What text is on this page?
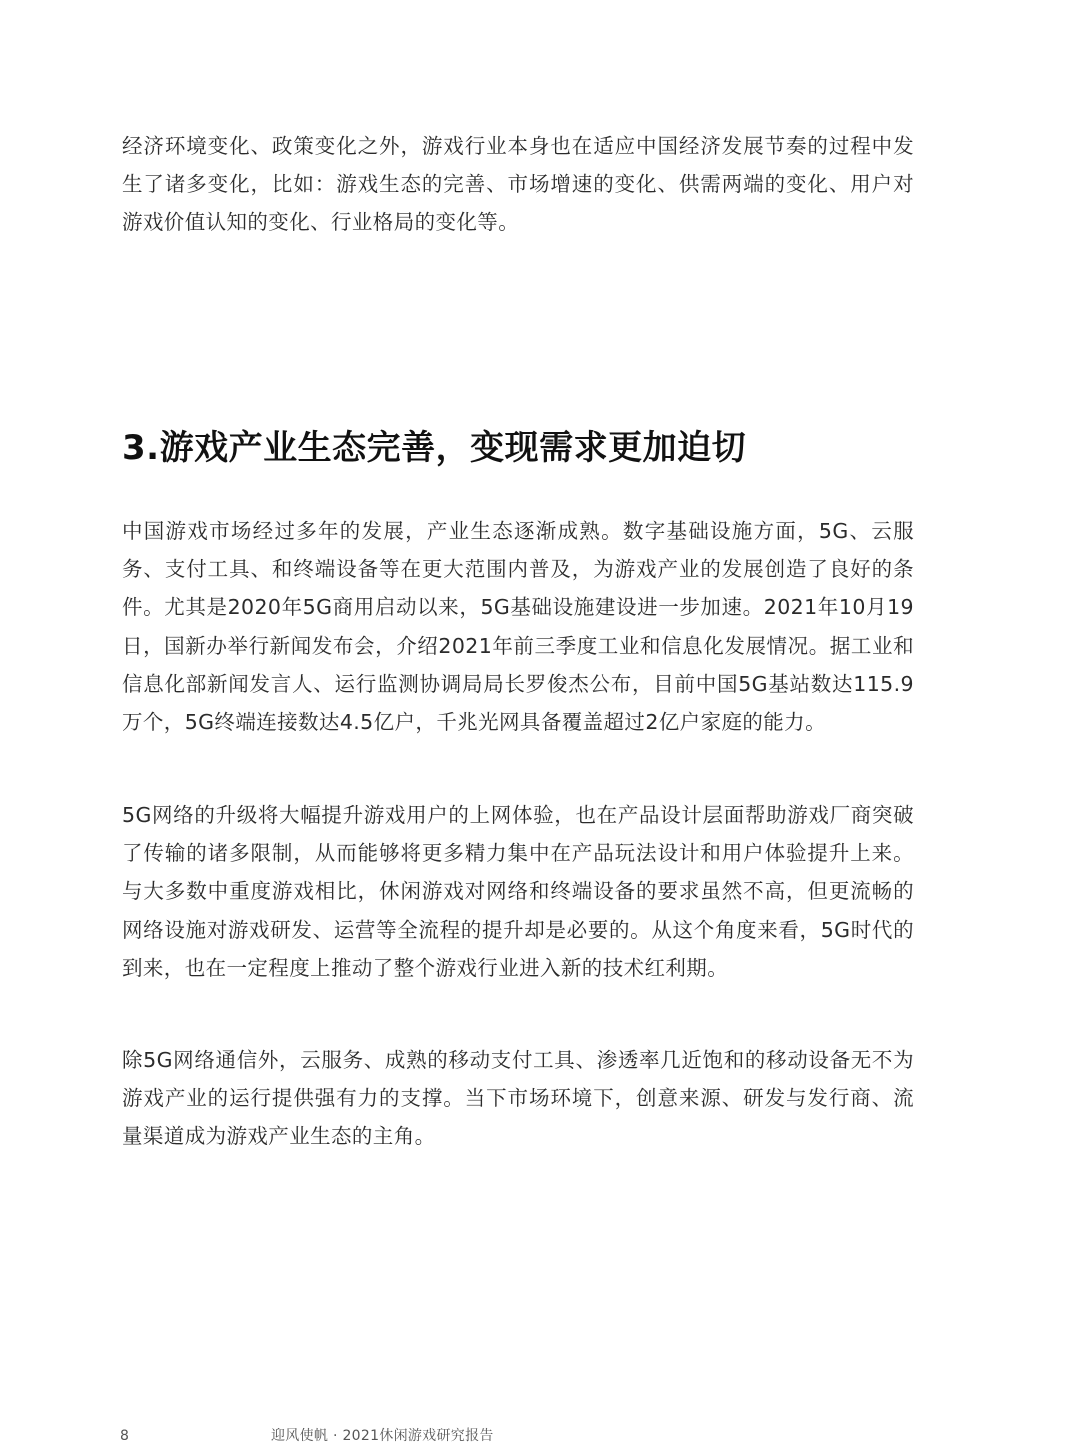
经济环境变化、政策变化之外，游戏行业本身也在适应中国经济发展节奏的过程中发生了诸多变化，比如：游戏生态的完善、市场增速的变化、供需两端的变化、用户对游戏价值认知的变化、行业格局的变化等。

3.游戏产业生态完善，变现需求更加迫切

中国游戏市场经过多年的发展，产业生态逐渐成熟。数字基础设施方面，5G、云服务、支付工具、和终端设备等在更大范围内普及，为游戏产业的发展创造了良好的条件。尤其是2020年5G商用启动以来，5G基础设施建设进一步加速。2021年10月19日，国新办举行新闻发布会，介绍2021年前三季度工业和信息化发展情况。据工业和信息化部新闻发言人、运行监测协调局局长罗俊杰公布，目前中国5G基站数达115.9万个，5G终端连接数达4.5亿户，千兆光网具备覆盖超过2亿户家庭的能力。

5G网络的升级将大幅提升游戏用户的上网体验，也在产品设计层面帮助游戏厂商突破了传输的诸多限制，从而能够将更多精力集中在产品玩法设计和用户体验提升上来。与大多数中重度游戏相比，休闲游戏对网络和终端设备的要求虽然不高，但更流畅的网络设施对游戏研发、运营等全流程的提升却是必要的。从这个角度来看，5G时代的到来，也在一定程度上推动了整个游戏行业进入新的技术红利期。

除5G网络通信外，云服务、成熟的移动支付工具、渗透率几近饱和的移动设备无不为游戏产业的运行提供强有力的支撑。当下市场环境下，创意来源、研发与发行商、流量渠道成为游戏产业生态的主角。

8	迎风使帆 · 2021休闲游戏研究报告
